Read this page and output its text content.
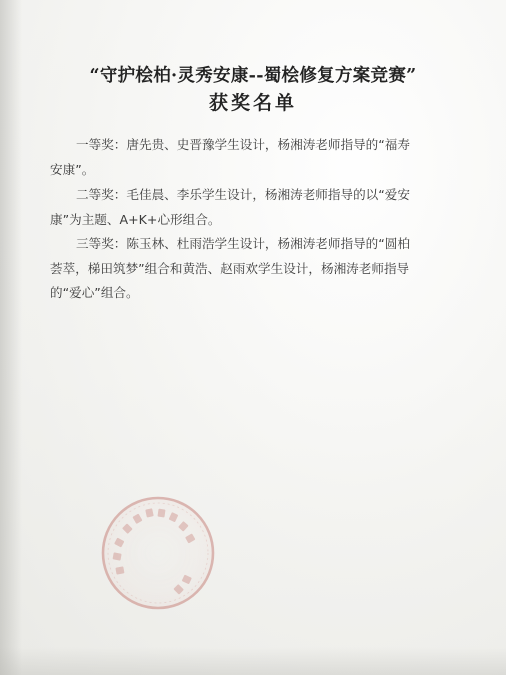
“守护桧柏·灵秀安康--蜀桧修复方案竞赛”
获奖名单

一等奖：唐先贵、史晋豫学生设计，杨湘涛老师指导的“福寿

安康”。

二等奖：毛佳晨、李乐学生设计，杨湘涛老师指导的以“爱安

康”为主题、A+K+心形组合。

三等奖：陈玉林、杜雨浩学生设计，杨湘涛老师指导的“圆柏

荟萃，梯田筑梦”组合和黄浩、赵雨欢学生设计，杨湘涛老师指导
的“爱心”组合。
